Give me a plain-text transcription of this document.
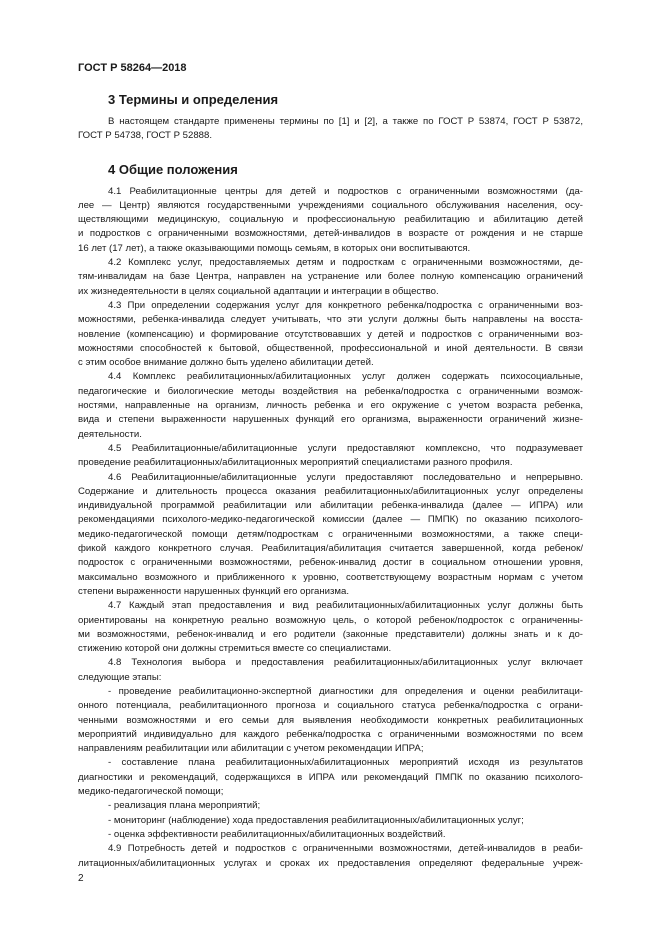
ГОСТ Р 58264—2018
3 Термины и определения
В настоящем стандарте применены термины по [1] и [2], а также по ГОСТ Р 53874, ГОСТ Р 53872,
ГОСТ Р 54738, ГОСТ Р 52888.
4 Общие положения
4.1 Реабилитационные центры для детей и подростков с ограниченными возможностями (да-
лее — Центр) являются государственными учреждениями социального обслуживания населения, осу-
ществляющими медицинскую, социальную и профессиональную реабилитацию и абилитацию детей
и подростков с ограниченными возможностями, детей-инвалидов в возрасте от рождения и не старше
16 лет (17 лет), а также оказывающими помощь семьям, в которых они воспитываются.
4.2 Комплекс услуг, предоставляемых детям и подросткам с ограниченными возможностями, де-
тям-инвалидам на базе Центра, направлен на устранение или более полную компенсацию ограничений
их жизнедеятельности в целях социальной адаптации и интеграции в общество.
4.3 При определении содержания услуг для конкретного ребенка/подростка с ограниченными воз-
можностями, ребенка-инвалида следует учитывать, что эти услуги должны быть направлены на восста-
новление (компенсацию) и формирование отсутствовавших у детей и подростков с ограниченными воз-
можностями способностей к бытовой, общественной, профессиональной и иной деятельности. В связи
с этим особое внимание должно быть уделено абилитации детей.
4.4 Комплекс реабилитационных/абилитационных услуг должен содержать психосоциальные,
педагогические и биологические методы воздействия на ребенка/подростка с ограниченными возмож-
ностями, направленные на организм, личность ребенка и его окружение с учетом возраста ребенка,
вида и степени выраженности нарушенных функций его организма, выраженности ограничений жизне-
деятельности.
4.5 Реабилитационные/абилитационные услуги предоставляют комплексно, что подразумевает
проведение реабилитационных/абилитационных мероприятий специалистами разного профиля.
4.6 Реабилитационные/абилитационные услуги предоставляют последовательно и непрерывно.
Содержание и длительность процесса оказания реабилитационных/абилитационных услуг определены
индивидуальной программой реабилитации или абилитации ребенка-инвалида (далее — ИПРА) или
рекомендациями психолого-медико-педагогической комиссии (далее — ПМПК) по оказанию психолого-
медико-педагогической помощи детям/подросткам с ограниченными возможностями, а также специ-
фикой каждого конкретного случая. Реабилитация/абилитация считается завершенной, когда ребенок/
подросток с ограниченными возможностями, ребенок-инвалид достиг в социальном отношении уровня,
максимально возможного и приближенного к уровню, соответствующему возрастным нормам с учетом
степени выраженности нарушенных функций его организма.
4.7 Каждый этап предоставления и вид реабилитационных/абилитационных услуг должны быть
ориентированы на конкретную реально возможную цель, о которой ребенок/подросток с ограниченны-
ми возможностями, ребенок-инвалид и его родители (законные представители) должны знать и к до-
стижению которой они должны стремиться вместе со специалистами.
4.8 Технология выбора и предоставления реабилитационных/абилитационных услуг включает
следующие этапы:
- проведение реабилитационно-экспертной диагностики для определения и оценки реабилитаци-
онного потенциала, реабилитационного прогноза и социального статуса ребенка/подростка с ограни-
ченными возможностями и его семьи для выявления необходимости конкретных реабилитационных
мероприятий индивидуально для каждого ребенка/подростка с ограниченными возможностями по всем
направлениям реабилитации или абилитации с учетом рекомендации ИПРА;
- составление плана реабилитационных/абилитационных мероприятий исходя из результатов
диагностики и рекомендаций, содержащихся в ИПРА или рекомендаций ПМПК по оказанию психолого-
медико-педагогической помощи;
- реализация плана мероприятий;
- мониторинг (наблюдение) хода предоставления реабилитационных/абилитационных услуг;
- оценка эффективности реабилитационных/абилитационных воздействий.
4.9 Потребность детей и подростков с ограниченными возможностями, детей-инвалидов в реаби-
литационных/абилитационных услугах и сроках их предоставления определяют федеральные учреж-
2
